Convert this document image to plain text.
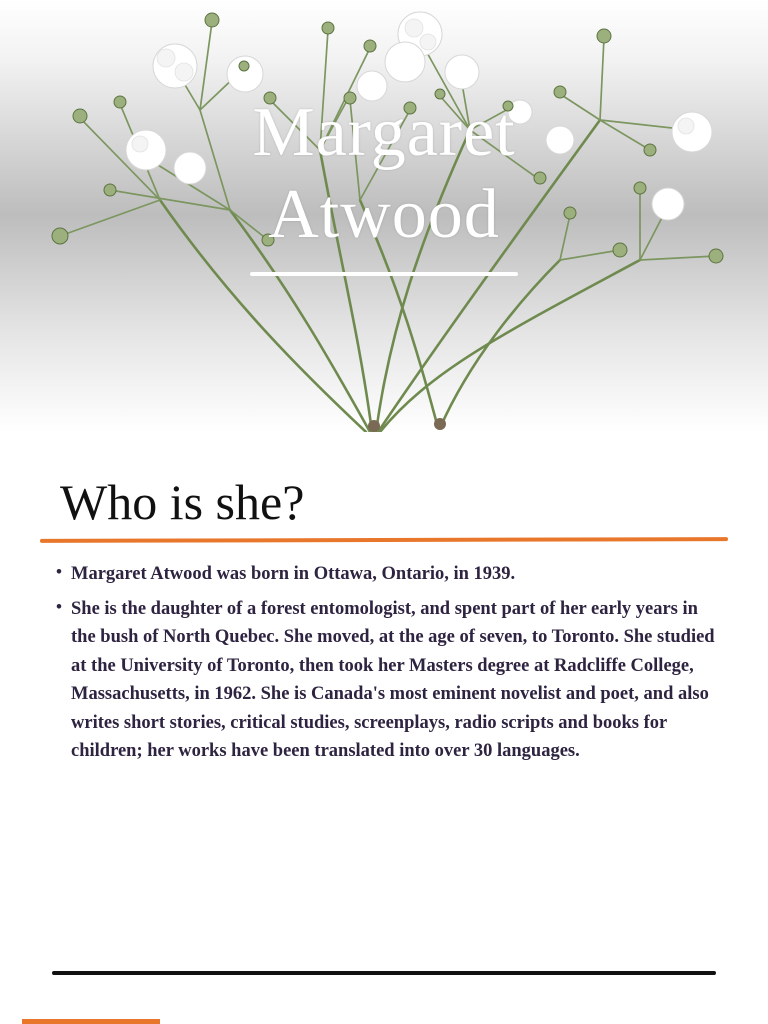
Margaret
Atwood
Who is she?
• Margaret Atwood was born in Ottawa, Ontario, in 1939.
• She is the daughter of a forest entomologist, and spent part of her early years in the bush of North Quebec. She moved, at the age of seven, to Toronto. She studied at the University of Toronto, then took her Masters degree at Radcliffe College, Massachusetts, in 1962. She is Canada's most eminent novelist and poet, and also writes short stories, critical studies, screenplays, radio scripts and books for children; her works have been translated into over 30 languages.
